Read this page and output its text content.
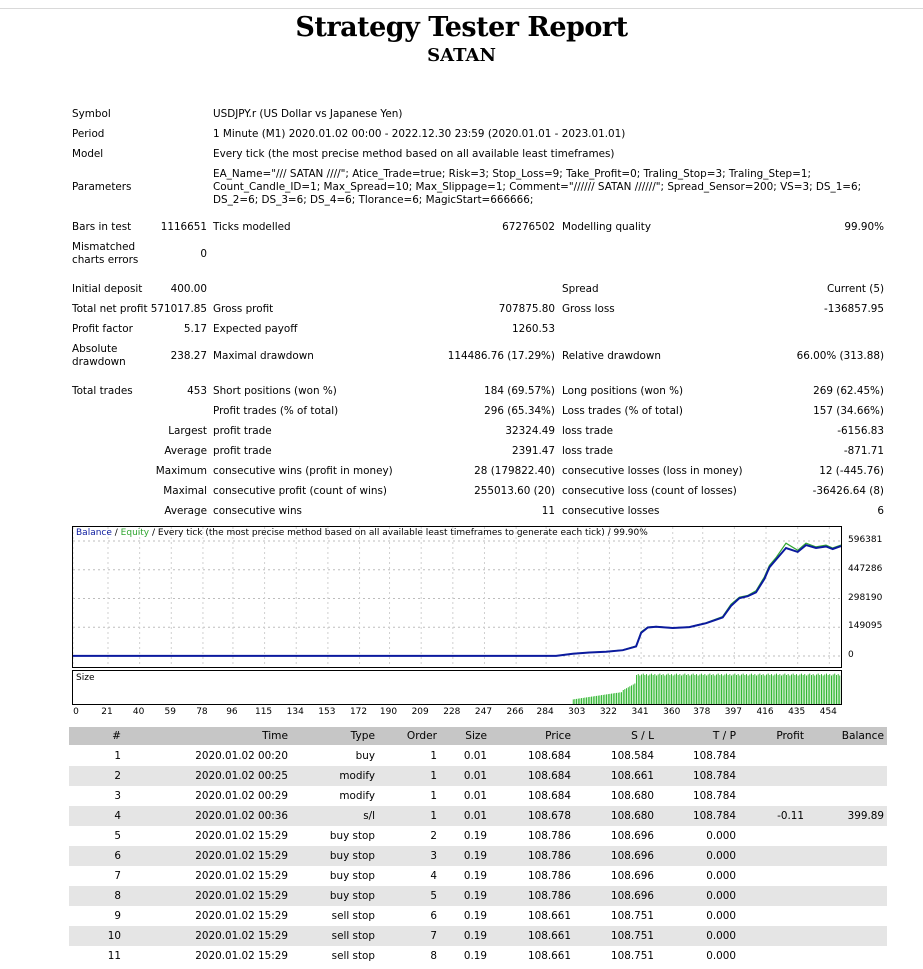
Strategy Tester Report
SATAN
Symbol	USDJPY.r (US Dollar vs Japanese Yen)
Period	1 Minute (M1) 2020.01.02 00:00 - 2022.12.30 23:59 (2020.01.01 - 2023.01.01)
Model	Every tick (the most precise method based on all available least timeframes)
Parameters
EA_Name="/// SATAN ////"; Atice_Trade=true; Risk=3; Stop_Loss=9; Take_Profit=0; Traling_Stop=3; Traling_Step=1; Count_Candle_ID=1; Max_Spread=10; Max_Slippage=1; Comment="////// SATAN //////"; Spread_Sensor=200; VS=3; DS_1=6; DS_2=6; DS_3=6; DS_4=6; Tlorance=6; MagicStart=666666;
Bars in test	1116651 Ticks modelled	67276502 Modelling quality	99.90%
Mismatched charts errors	0
Initial deposit	400.00	Spread	Current (5)
Total net profit 571017.85 Gross profit	707875.80 Gross loss	-136857.95
Profit factor	5.17 Expected payoff	1260.53
Absolute drawdown	238.27 Maximal drawdown	114486.76 (17.29%) Relative drawdown	66.00% (313.88)
Total trades	453 Short positions (won %)	184 (69.57%) Long positions (won %)	269 (62.45%)
Profit trades (% of total)	296 (65.34%) Loss trades (% of total)	157 (34.66%)
Largest profit trade	32324.49 loss trade	-6156.83
Average profit trade	2391.47 loss trade	-871.71
Maximum consecutive wins (profit in money)	28 (179822.40) consecutive losses (loss in money)	12 (-445.76)
Maximal consecutive profit (count of wins)	255013.60 (20) consecutive loss (count of losses)	-36426.64 (8)
Average consecutive wins	11 consecutive losses	6
Balance / Equity / Every tick (the most precise method based on all available least timeframes to generate each tick) / 99.90%
596381
447286
298190
149095
0
Size
0 21 40 59 78 96 115 134 153 172 190 209 228 247 266 284 303 322 341 360 378 397 416 435 454
#	Time	Type	Order	Size	Price	S / L	T / P	Profit	Balance
1	2020.01.02 00:20	buy	1	0.01	108.684	108.584	108.784
2	2020.01.02 00:25	modify	1	0.01	108.684	108.661	108.784
3	2020.01.02 00:29	modify	1	0.01	108.684	108.680	108.784
4	2020.01.02 00:36	s/l	1	0.01	108.678	108.680	108.784	-0.11	399.89
5	2020.01.02 15:29	buy stop	2	0.19	108.786	108.696	0.000
6	2020.01.02 15:29	buy stop	3	0.19	108.786	108.696	0.000
7	2020.01.02 15:29	buy stop	4	0.19	108.786	108.696	0.000
8	2020.01.02 15:29	buy stop	5	0.19	108.786	108.696	0.000
9	2020.01.02 15:29	sell stop	6	0.19	108.661	108.751	0.000
10	2020.01.02 15:29	sell stop	7	0.19	108.661	108.751	0.000
11	2020.01.02 15:29	sell stop	8	0.19	108.661	108.751	0.000
